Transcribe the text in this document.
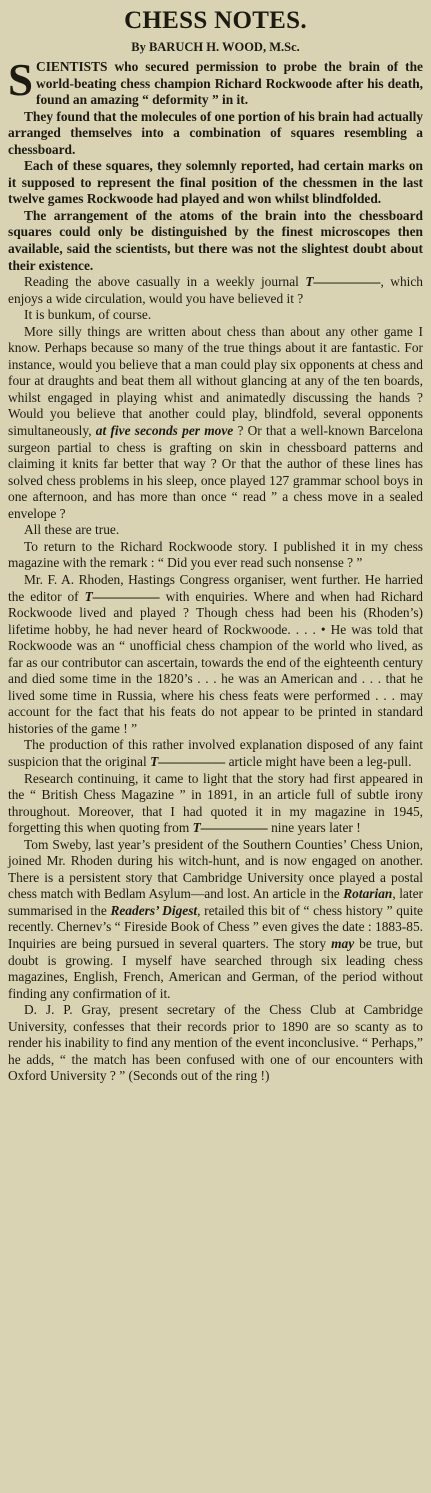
CHESS NOTES.
By BARUCH H. WOOD, M.Sc.

SCIENTISTS who secured permission to probe the brain of the world-beating chess champion Richard Rockwoode after his death, found an amazing “ deformity ” in it.

They found that the molecules of one portion of his brain had actually arranged themselves into a combination of squares resembling a chessboard.

Each of these squares, they solemnly reported, had certain marks on it supposed to represent the final position of the chessmen in the last twelve games Rockwoode had played and won whilst blindfolded.

The arrangement of the atoms of the brain into the chessboard squares could only be distinguished by the finest microscopes then available, said the scientists, but there was not the slightest doubt about their existence.

Reading the above casually in a weekly journal T—————, which enjoys a wide circulation, would you have believed it ?

It is bunkum, of course.

More silly things are written about chess than about any other game I know. Perhaps because so many of the true things about it are fantastic. For instance, would you believe that a man could play six opponents at chess and four at draughts and beat them all without glancing at any of the ten boards, whilst engaged in playing whist and animatedly discussing the hands ? Would you believe that another could play, blindfold, several opponents simultaneously, at five seconds per move ? Or that a well-known Barcelona surgeon partial to chess is grafting on skin in chessboard patterns and claiming it knits far better that way ? Or that the author of these lines has solved chess problems in his sleep, once played 127 grammar school boys in one afternoon, and has more than once “ read ” a chess move in a sealed envelope ?

All these are true.

To return to the Richard Rockwoode story. I published it in my chess magazine with the remark : “ Did you ever read such nonsense ? ”

Mr. F. A. Rhoden, Hastings Congress organiser, went further. He harried the editor of T————— with enquiries. Where and when had Richard Rockwoode lived and played ? Though chess had been his (Rhoden’s) lifetime hobby, he had never heard of Rockwoode. . . . • He was told that Rockwoode was an “ unofficial chess champion of the world who lived, as far as our contributor can ascertain, towards the end of the eighteenth century and died some time in the 1820’s . . . he was an American and . . . that he lived some time in Russia, where his chess feats were performed . . . may account for the fact that his feats do not appear to be printed in standard histories of the game ! ”

The production of this rather involved explanation disposed of any faint suspicion that the original T————— article might have been a leg-pull.

Research continuing, it came to light that the story had first appeared in the “ British Chess Magazine ” in 1891, in an article full of subtle irony throughout. Moreover, that I had quoted it in my magazine in 1945, forgetting this when quoting from T————— nine years later !

Tom Sweby, last year’s president of the Southern Counties’ Chess Union, joined Mr. Rhoden during his witch-hunt, and is now engaged on another. There is a persistent story that Cambridge University once played a postal chess match with Bedlam Asylum—and lost. An article in the Rotarian, later summarised in the Readers’ Digest, retailed this bit of “ chess history ” quite recently. Chernev’s “ Fireside Book of Chess ” even gives the date : 1883-85. Inquiries are being pursued in several quarters. The story may be true, but doubt is growing. I myself have searched through six leading chess magazines, English, French, American and German, of the period without finding any confirmation of it.

D. J. P. Gray, present secretary of the Chess Club at Cambridge University, confesses that their records prior to 1890 are so scanty as to render his inability to find any mention of the event inconclusive. “ Perhaps,” he adds, “ the match has been confused with one of our encounters with Oxford University ? ” (Seconds out of the ring !)
